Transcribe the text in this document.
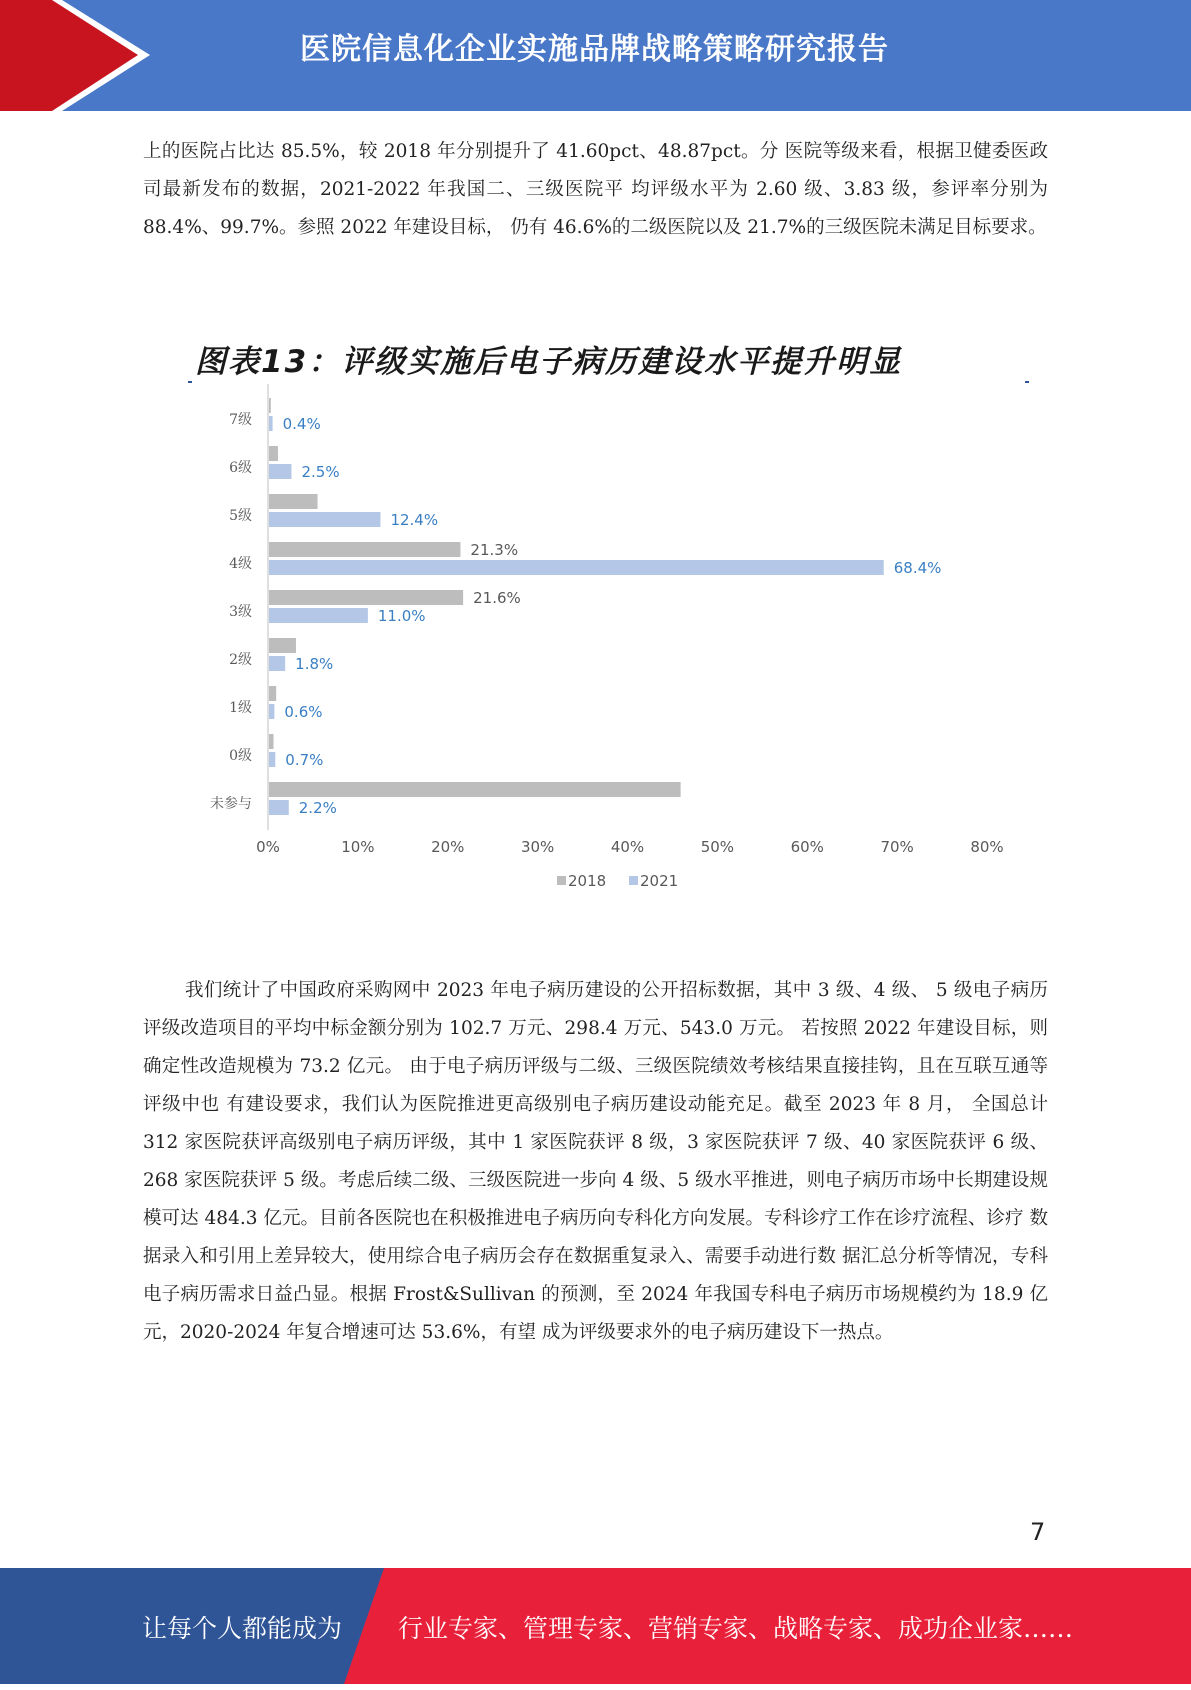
医院信息化企业实施品牌战略策略研究报告

上的医院占比达 85.5%，较 2018 年分别提升了 41.60pct、48.87pct。分 医院等级来看，根据卫健委医政司最新发布的数据，2021-2022 年我国二、三级医院平 均评级水平为 2.60 级、3.83 级，参评率分别为 88.4%、99.7%。参照 2022 年建设目标， 仍有 46.6%的二级医院以及 21.7%的三级医院未满足目标要求。

图表13：评级实施后电子病历建设水平提升明显
7级 0.4%
6级	2.5%
5级	12.4%
4级
21.3%
68.4%
3级
21.6%
11.0%
2级	1.8%
1级 0.6%
0级 0.7%
未参与	2.2%
0%	10%	20%	30%	40%	50%	60%	70%	80%
2018 2021

我们统计了中国政府采购网中 2023 年电子病历建设的公开招标数据，其中 3 级、4 级、 5 级电子病历评级改造项目的平均中标金额分别为 102.7 万元、298.4 万元、543.0 万元。 若按照 2022 年建设目标，则确定性改造规模为 73.2 亿元。 由于电子病历评级与二级、三级医院绩效考核结果直接挂钩，且在互联互通等评级中也 有建设要求，我们认为医院推进更高级别电子病历建设动能充足。截至 2023 年 8 月， 全国总计 312 家医院获评高级别电子病历评级，其中 1 家医院获评 8 级，3 家医院获评 7 级、40 家医院获评 6 级、268 家医院获评 5 级。考虑后续二级、三级医院进一步向 4 级、5 级水平推进，则电子病历市场中长期建设规模可达 484.3 亿元。目前各医院也在积极推进电子病历向专科化方向发展。专科诊疗工作在诊疗流程、诊疗 数据录入和引用上差异较大，使用综合电子病历会存在数据重复录入、需要手动进行数 据汇总分析等情况，专科电子病历需求日益凸显。根据 Frost&Sullivan 的预测，至 2024 年我国专科电子病历市场规模约为 18.9 亿元，2020-2024 年复合增速可达 53.6%，有望 成为评级要求外的电子病历建设下一热点。

7
让每个人都能成为 行业专家、管理专家、营销专家、战略专家、成功企业家……
